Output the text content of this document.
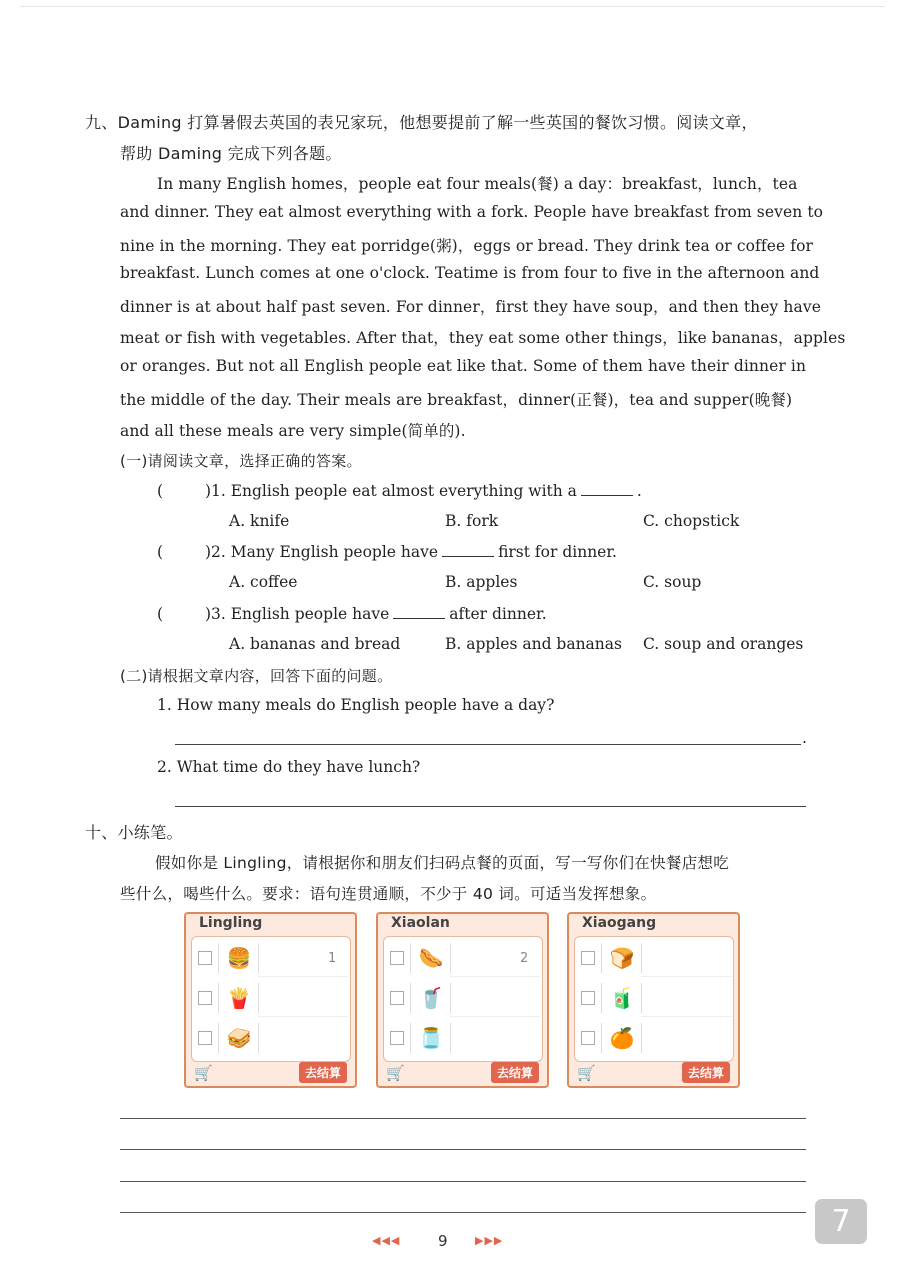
九、Daming 打算暑假去英国的表兄家玩，他想要提前了解一些英国的餐饮习惯。阅读文章，
帮助 Daming 完成下列各题。
In many English homes，people eat four meals(餐) a day：breakfast，lunch，tea
and dinner. They eat almost everything with a fork. People have breakfast from seven to
nine in the morning. They eat porridge(粥)，eggs or bread. They drink tea or coffee for
breakfast. Lunch comes at one o'clock. Teatime is from four to five in the afternoon and
dinner is at about half past seven. For dinner，first they have soup，and then they have
meat or fish with vegetables. After that，they eat some other things，like bananas，apples
or oranges. But not all English people eat like that. Some of them have their dinner in
the middle of the day. Their meals are breakfast，dinner(正餐)，tea and supper(晚餐)
and all these meals are very simple(简单的).
(一)请阅读文章，选择正确的答案。
(	)1. English people eat almost everything with a	.
A. knife	B. fork	C. chopstick
(	)2. Many English people have	first for dinner.
A. coffee	B. apples	C. soup
(	)3. English people have	after dinner.
A. bananas and bread	B. apples and bananas C. soup and oranges
(二)请根据文章内容，回答下面的问题。
1. How many meals do English people have a day?
.
2. What time do they have lunch?
十、小练笔。
假如你是 Lingling，请根据你和朋友们扫码点餐的页面，写一写你们在快餐店想吃
些什么，喝些什么。要求：语句连贯通顺，不少于 40 词。可适当发挥想象。
Lingling
🍔	1
🍟
🥪
🛒	去结算
Xiaolan
🌭	2
🥤
🫙
🛒	去结算
Xiaogang
🍞
🧃
🍊
🛒	去结算
7
◀◀◀	9 ▶▶▶
